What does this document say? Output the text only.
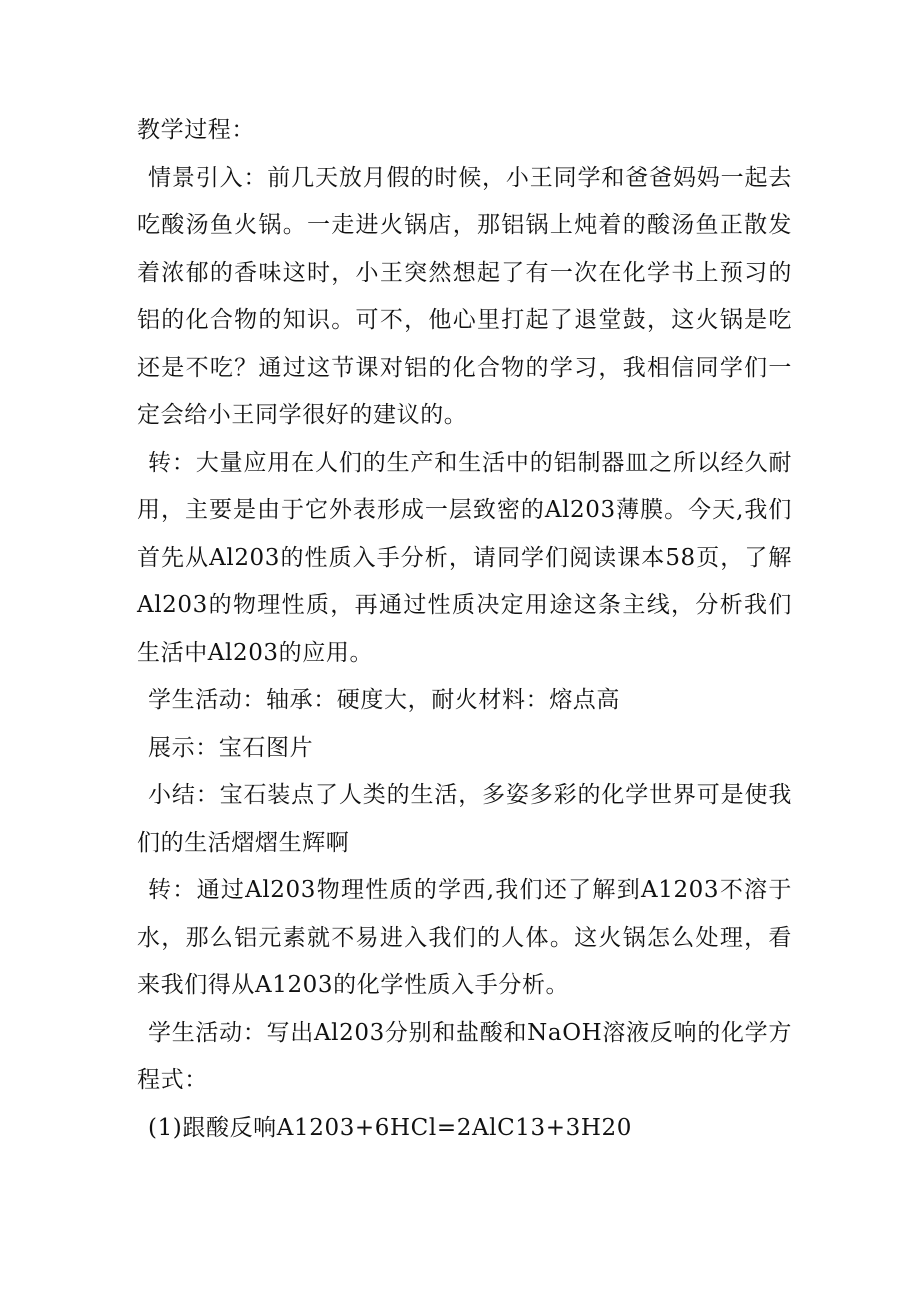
教学过程：

情景引入：前几天放月假的时候，小王同学和爸爸妈妈一起去吃酸汤鱼火锅。一走进火锅店，那铝锅上炖着的酸汤鱼正散发着浓郁的香味这时，小王突然想起了有一次在化学书上预习的铝的化合物的知识。可不，他心里打起了退堂鼓，这火锅是吃还是不吃？通过这节课对铝的化合物的学习，我相信同学们一定会给小王同学很好的建议的。

转：大量应用在人们的生产和生活中的铝制器皿之所以经久耐用，主要是由于它外表形成一层致密的Al203薄膜。今天,我们首先从Al203的性质入手分析，请同学们阅读课本58页，了解Al203的物理性质，再通过性质决定用途这条主线，分析我们生活中Al203的应用。

学生活动：轴承：硬度大，耐火材料：熔点高

展示：宝石图片

小结：宝石装点了人类的生活，多姿多彩的化学世界可是使我们的生活熠熠生辉啊

转：通过Al203物理性质的学西,我们还了解到A1203不溶于水，那么铝元素就不易进入我们的人体。这火锅怎么处理，看来我们得从A1203的化学性质入手分析。

学生活动：写出Al203分别和盐酸和NaOH溶液反响的化学方程式：

(1)跟酸反响A1203+6HCl=2AlC13+3H20
